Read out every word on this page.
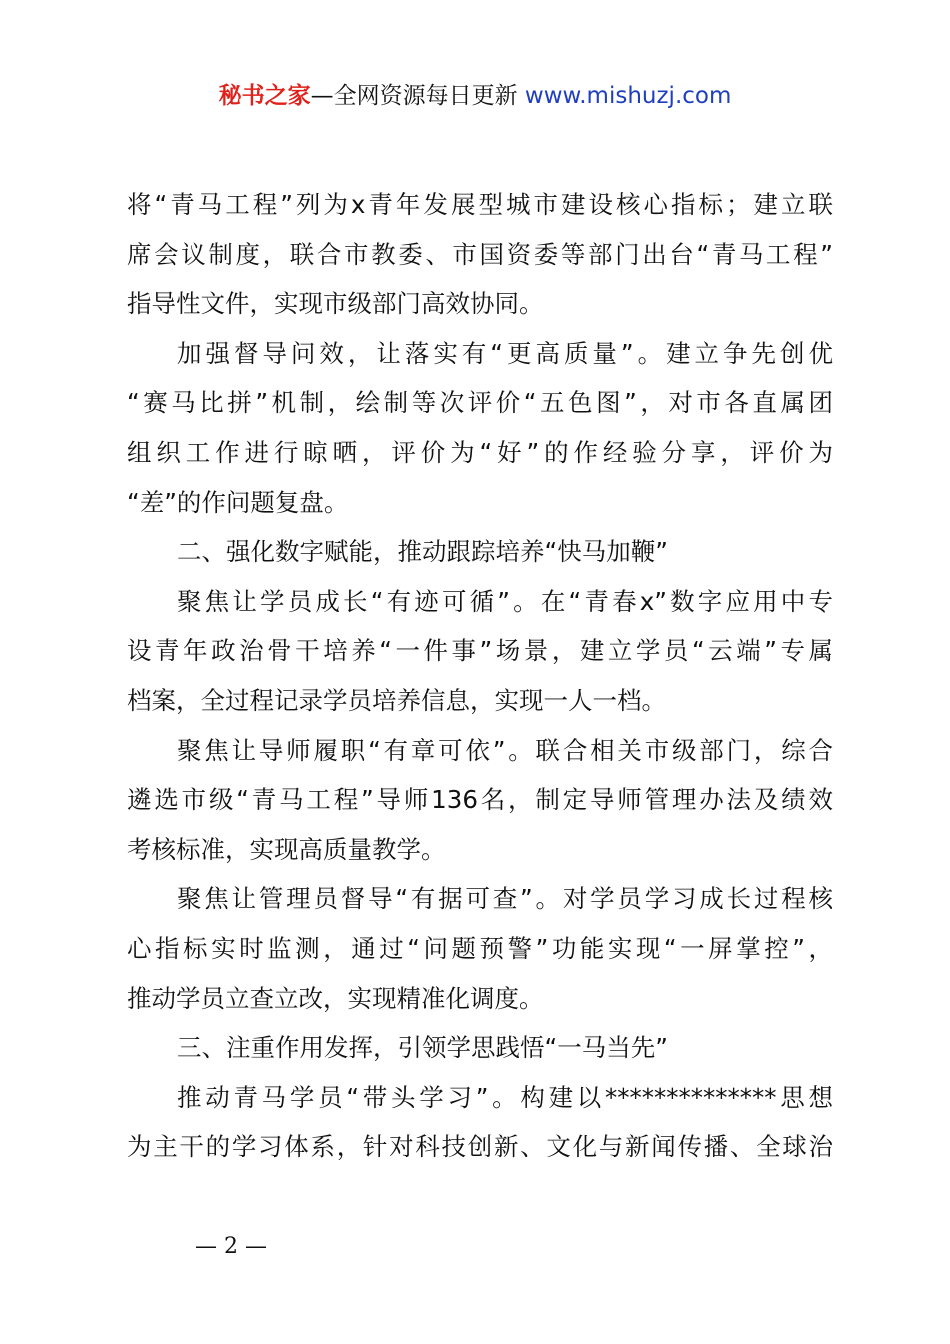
秘书之家—全网资源每日更新 www.mishuzj.com
将“青马工程”列为x青年发展型城市建设核心指标；建立联
席会议制度，联合市教委、市国资委等部门出台“青马工程”
指导性文件，实现市级部门高效协同。
加强督导问效，让落实有“更高质量”。建立争先创优
“赛马比拼”机制，绘制等次评价“五色图”，对市各直属团
组织工作进行晾晒，评价为“好”的作经验分享，评价为
“差”的作问题复盘。
二、强化数字赋能，推动跟踪培养“快马加鞭”
聚焦让学员成长“有迹可循”。在“青春x”数字应用中专
设青年政治骨干培养“一件事”场景，建立学员“云端”专属
档案，全过程记录学员培养信息，实现一人一档。
聚焦让导师履职“有章可依”。联合相关市级部门，综合
遴选市级“青马工程”导师136名，制定导师管理办法及绩效
考核标准，实现高质量教学。
聚焦让管理员督导“有据可查”。对学员学习成长过程核
心指标实时监测，通过“问题预警”功能实现“一屏掌控”，
推动学员立查立改，实现精准化调度。
三、注重作用发挥，引领学思践悟“一马当先”
推动青马学员“带头学习”。构建以**************思想
为主干的学习体系，针对科技创新、文化与新闻传播、全球治
— 2 —
